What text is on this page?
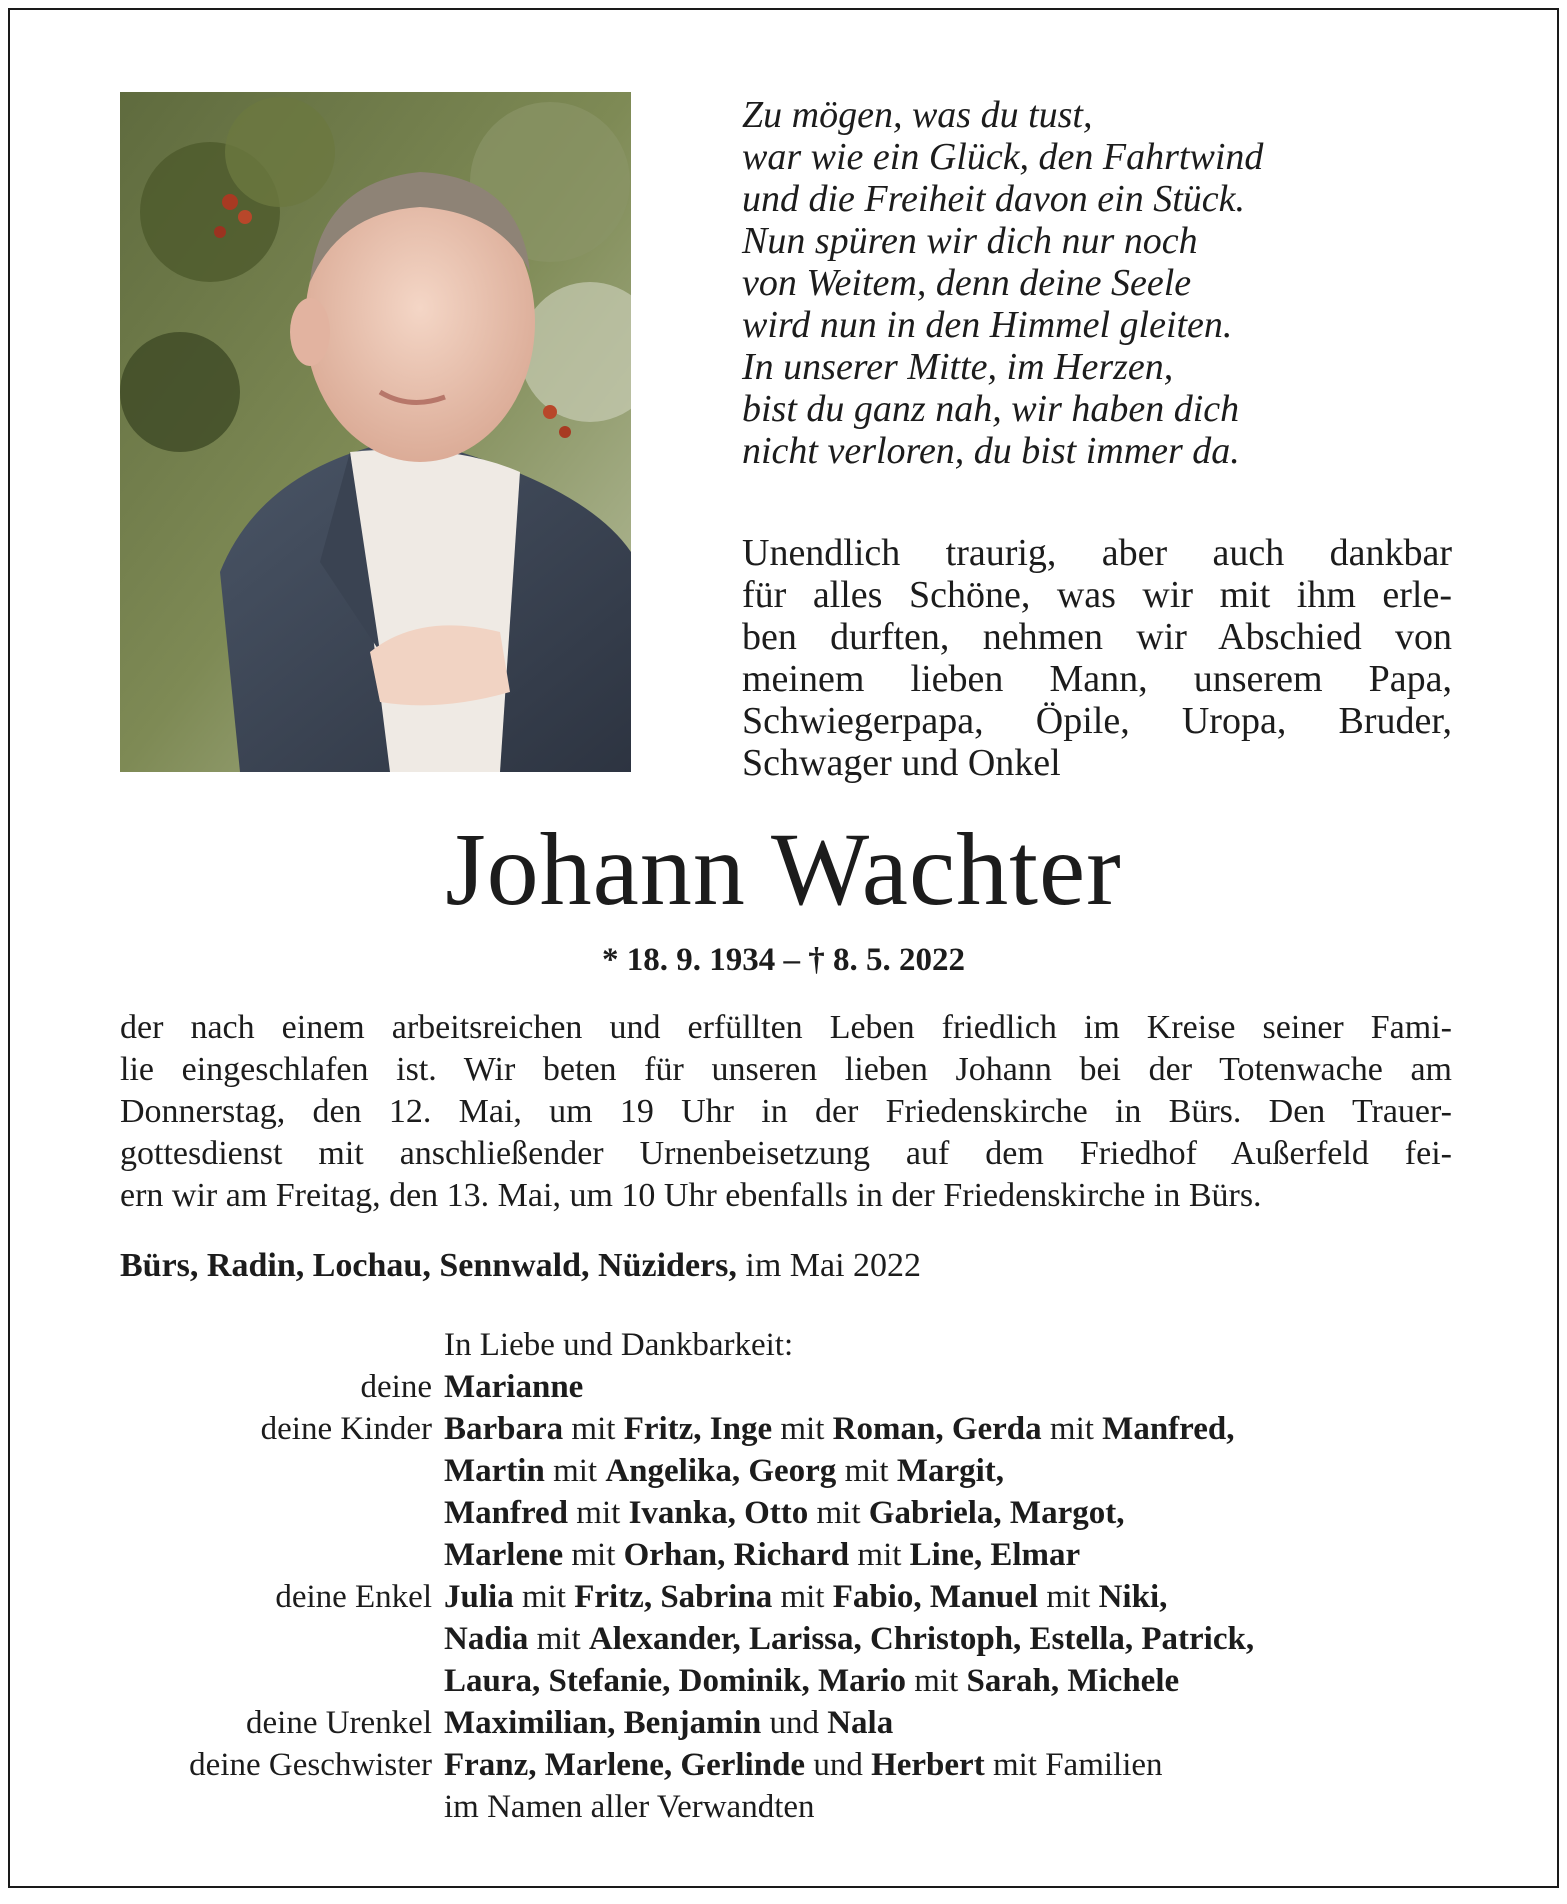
Zu mögen, was du tust,
war wie ein Glück, den Fahrtwind
und die Freiheit davon ein Stück.
Nun spüren wir dich nur noch
von Weitem, denn deine Seele
wird nun in den Himmel gleiten.
In unserer Mitte, im Herzen,
bist du ganz nah, wir haben dich
nicht verloren, du bist immer da.
Unendlich traurig, aber auch dankbar
für alles Schöne, was wir mit ihm erle-
ben durften, nehmen wir Abschied von
meinem lieben Mann, unserem Papa,
Schwiegerpapa, Öpile, Uropa, Bruder,
Schwager und Onkel
Johann Wachter
* 18. 9. 1934 – † 8. 5. 2022
der nach einem arbeitsreichen und erfüllten Leben friedlich im Kreise seiner Fami-
lie eingeschlafen ist. Wir beten für unseren lieben Johann bei der Totenwache am
Donnerstag, den 12. Mai, um 19 Uhr in der Friedenskirche in Bürs. Den Trauer-
gottesdienst mit anschließender Urnenbeisetzung auf dem Friedhof Außerfeld fei-
ern wir am Freitag, den 13. Mai, um 10 Uhr ebenfalls in der Friedenskirche in Bürs.
Bürs, Radin, Lochau, Sennwald, Nüziders, im Mai 2022
In Liebe und Dankbarkeit:
deine Marianne
deine Kinder Barbara mit Fritz, Inge mit Roman, Gerda mit Manfred,
Martin mit Angelika, Georg mit Margit,
Manfred mit Ivanka, Otto mit Gabriela, Margot,
Marlene mit Orhan, Richard mit Line, Elmar
deine Enkel Julia mit Fritz, Sabrina mit Fabio, Manuel mit Niki,
Nadia mit Alexander, Larissa, Christoph, Estella, Patrick,
Laura, Stefanie, Dominik, Mario mit Sarah, Michele
deine Urenkel Maximilian, Benjamin und Nala
deine Geschwister Franz, Marlene, Gerlinde und Herbert mit Familien
im Namen aller Verwandten
